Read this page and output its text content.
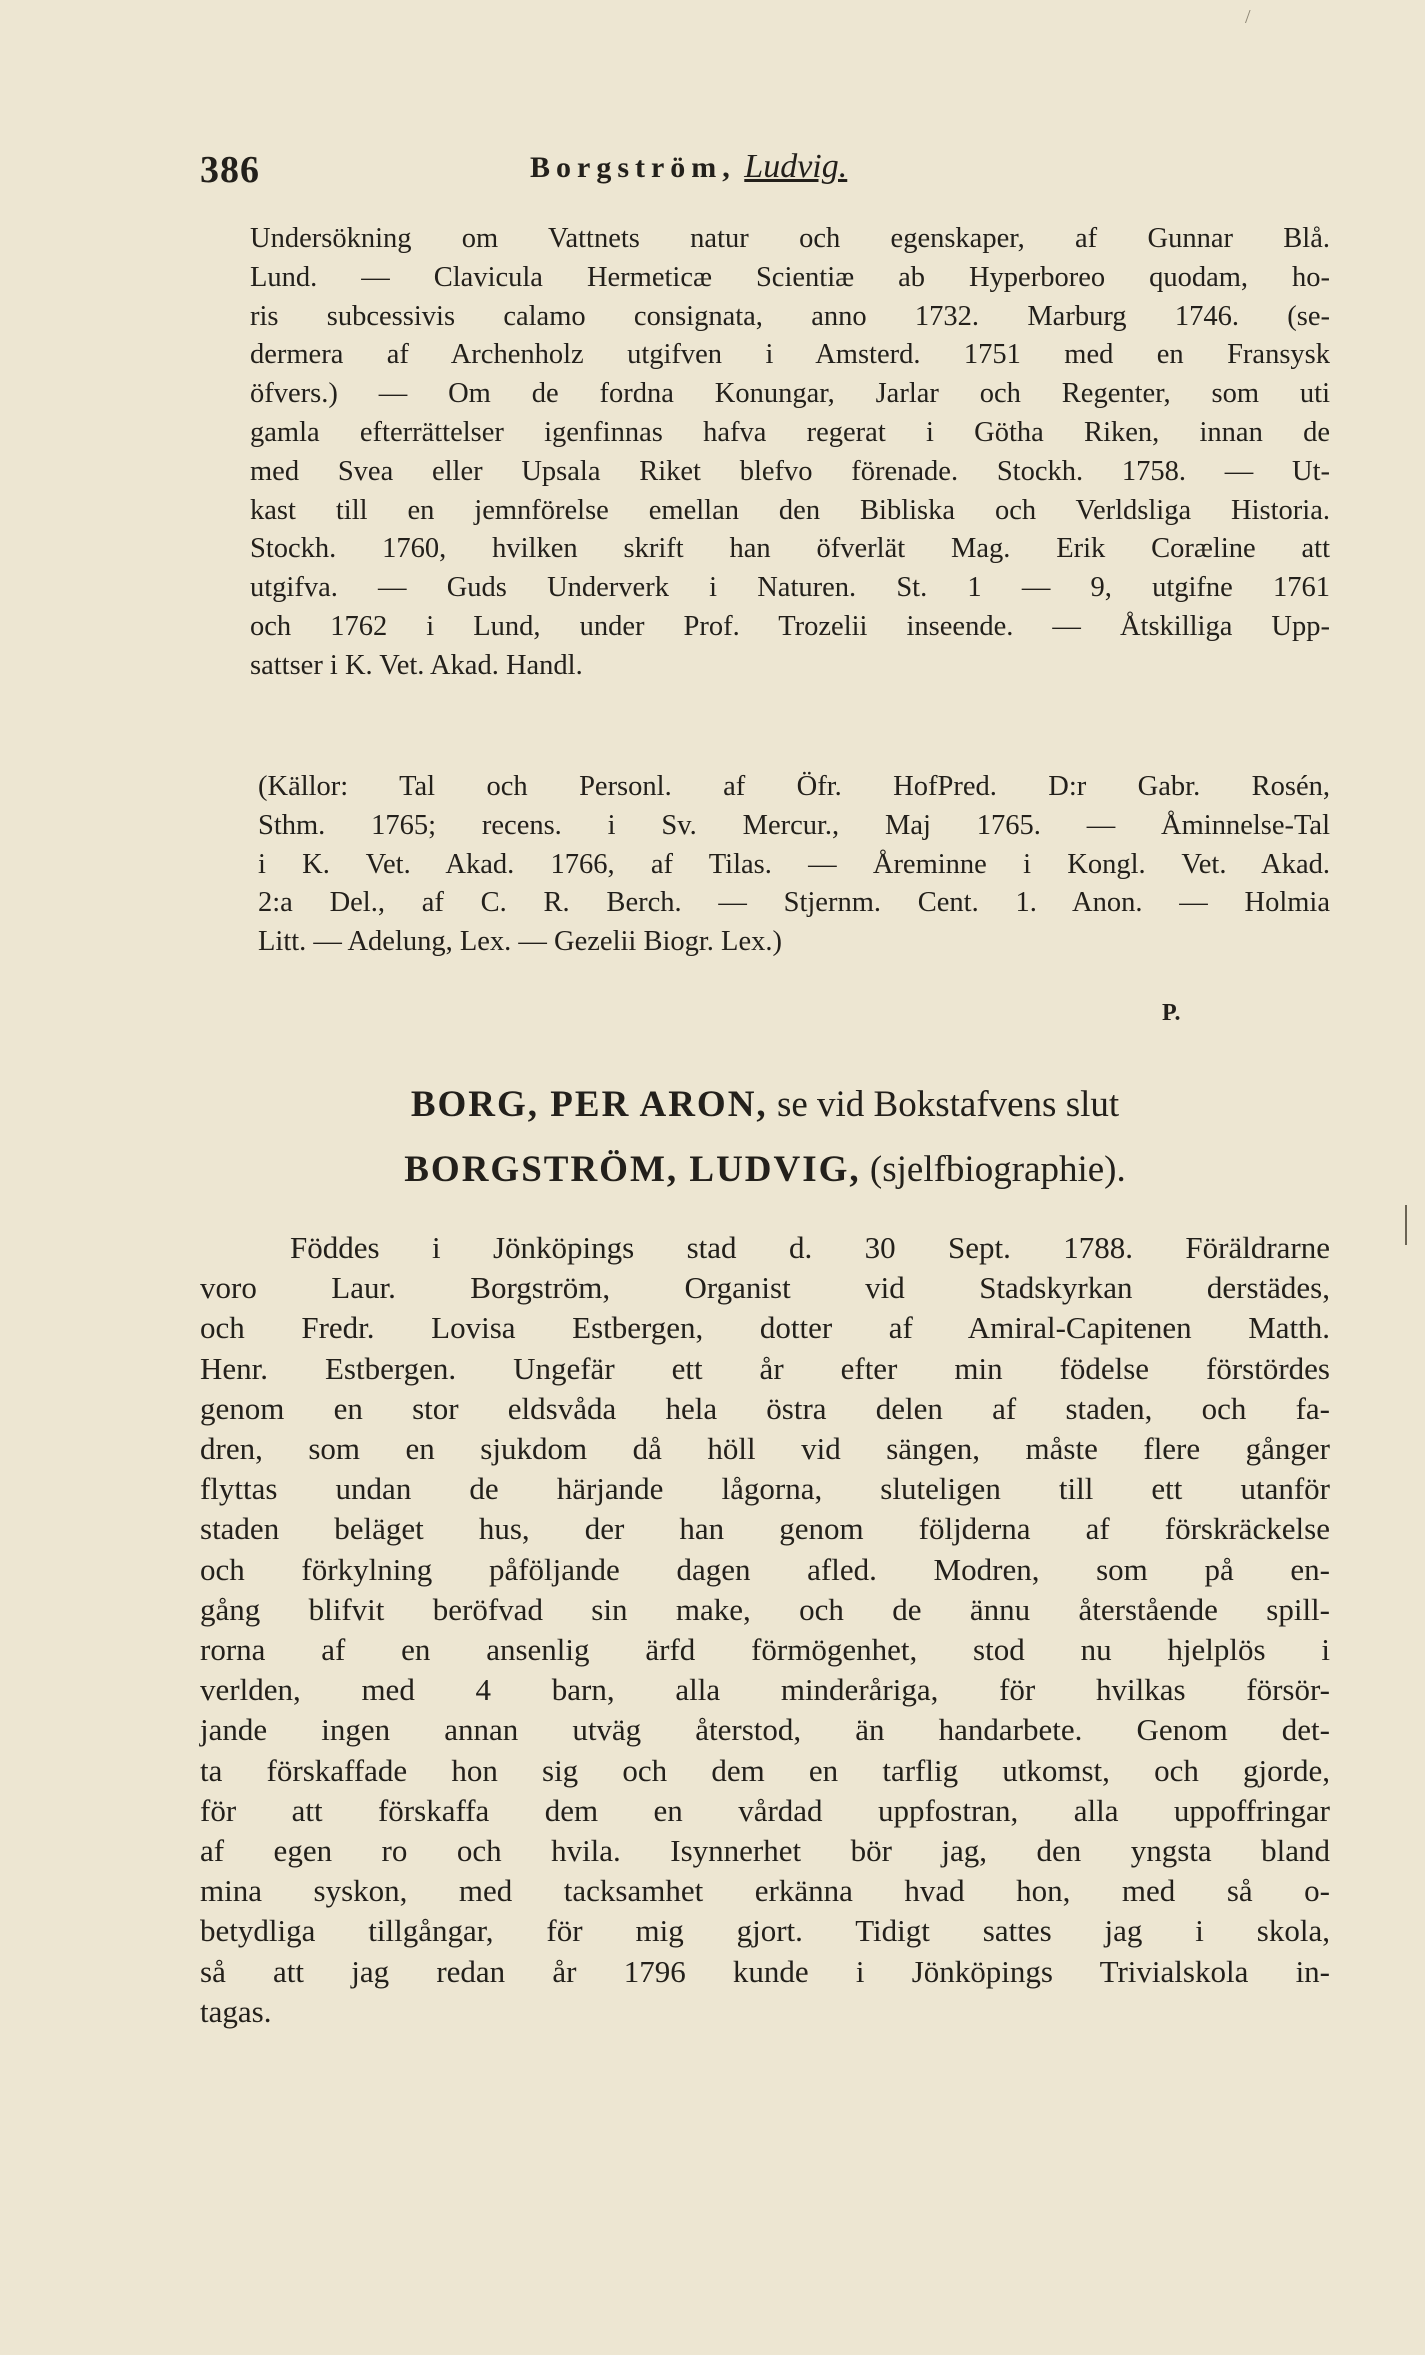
/
386	Borgström, Ludvig.
Undersökning om Vattnets natur och egenskaper, af Gunnar Blå.
Lund. — Clavicula Hermeticæ Scientiæ ab Hyperboreo quodam, ho-
ris subcessivis calamo consignata, anno 1732. Marburg 1746. (se-
dermera af Archenholz utgifven i Amsterd. 1751 med en Fransysk
öfvers.) — Om de fordna Konungar, Jarlar och Regenter, som uti
gamla efterrättelser igenfinnas hafva regerat i Götha Riken, innan de
med Svea eller Upsala Riket blefvo förenade. Stockh. 1758. — Ut-
kast till en jemnförelse emellan den Bibliska och Verldsliga Historia.
Stockh. 1760, hvilken skrift han öfverlät Mag. Erik Coræline att
utgifva. — Guds Underverk i Naturen. St. 1 — 9, utgifne 1761
och 1762 i Lund, under Prof. Trozelii inseende. — Åtskilliga Upp-
sattser i K. Vet. Akad. Handl.
(Källor: Tal och Personl. af Öfr. HofPred. D:r Gabr. Rosén,
Sthm. 1765; recens. i Sv. Mercur., Maj 1765. — Åminnelse-Tal
i K. Vet. Akad. 1766, af Tilas. — Åreminne i Kongl. Vet. Akad.
2:a Del., af C. R. Berch. — Stjernm. Cent. 1. Anon. — Holmia
Litt. — Adelung, Lex. — Gezelii Biogr. Lex.)
P.
BORG, PER ARON, se vid Bokstafvens slut
BORGSTRÖM, LUDVIG, (sjelfbiographie).
Föddes i Jönköpings stad d. 30 Sept. 1788. Föräldrarne
voro Laur. Borgström, Organist vid Stadskyrkan derstädes,
och Fredr. Lovisa Estbergen, dotter af Amiral-Capitenen Matth.
Henr. Estbergen. Ungefär ett år efter min födelse förstördes
genom en stor eldsvåda hela östra delen af staden, och fa-
dren, som en sjukdom då höll vid sängen, måste flere gånger
flyttas undan de härjande lågorna, sluteligen till ett utanför
staden beläget hus, der han genom följderna af förskräckelse
och förkylning påföljande dagen afled. Modren, som på en-
gång blifvit beröfvad sin make, och de ännu återstående spill-
rorna af en ansenlig ärfd förmögenhet, stod nu hjelplös i
verlden, med 4 barn, alla minderåriga, för hvilkas försör-
jande ingen annan utväg återstod, än handarbete. Genom det-
ta förskaffade hon sig och dem en tarflig utkomst, och gjorde,
för att förskaffa dem en vårdad uppfostran, alla uppoffringar
af egen ro och hvila. Isynnerhet bör jag, den yngsta bland
mina syskon, med tacksamhet erkänna hvad hon, med så o-
betydliga tillgångar, för mig gjort. Tidigt sattes jag i skola,
så att jag redan år 1796 kunde i Jönköpings Trivialskola in-
tagas.
